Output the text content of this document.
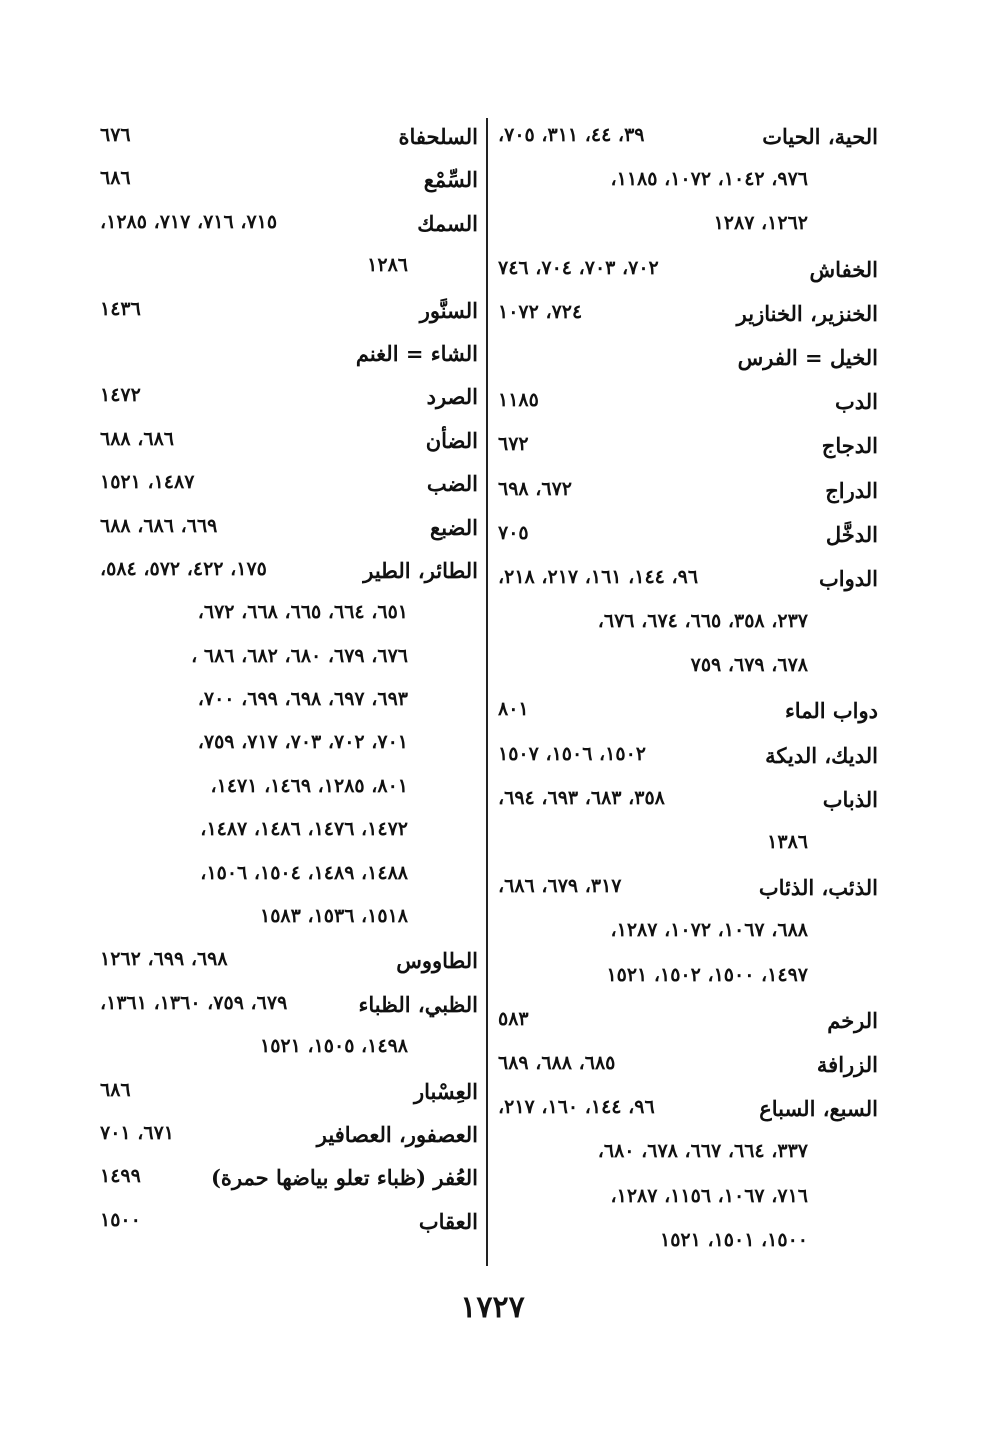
الحية، الحيات
٣٩، ٤٤، ٣١١، ٧٠٥،
٩٧٦، ١٠٤٢، ١٠٧٢، ١١٨٥،
١٢٦٢، ١٢٨٧
الخفاش
٧٠٢، ٧٠٣، ٧٠٤، ٧٤٦
الخنزير، الخنازير
٧٢٤، ١٠٧٢
الخيل = الفرس
الدب
١١٨٥
الدجاج
٦٧٢
الدراج
٦٧٢، ٦٩٨
الدخَّل
٧٠٥
الدواب
٩٦، ١٤٤، ١٦١، ٢١٧، ٢١٨،
٢٣٧، ٣٥٨، ٦٦٥، ٦٧٤، ٦٧٦،
٦٧٨، ٦٧٩، ٧٥٩
دواب الماء
٨٠١
الديك، الديكة
١٥٠٢، ١٥٠٦، ١٥٠٧
الذباب
٣٥٨، ٦٨٣، ٦٩٣، ٦٩٤،
١٣٨٦
الذئب، الذئاب
٣١٧، ٦٧٩، ٦٨٦،
٦٨٨، ١٠٦٧، ١٠٧٢، ١٢٨٧،
١٤٩٧، ١٥٠٠، ١٥٠٢، ١٥٢١
الرخم
٥٨٣
الزرافة
٦٨٥، ٦٨٨، ٦٨٩
السبع، السباع
٩٦، ١٤٤، ١٦٠، ٢١٧،
٣٣٧، ٦٦٤، ٦٦٧، ٦٧٨، ٦٨٠،
٧١٦، ١٠٦٧، ١١٥٦، ١٢٨٧،
١٥٠٠، ١٥٠١، ١٥٢١
السلحفاة
٦٧٦
السِّمْع
٦٨٦
السمك
٧١٥، ٧١٦، ٧١٧، ١٢٨٥،
١٢٨٦
السنَّور
١٤٣٦
الشاء = الغنم
الصرد
١٤٧٢
الضأن
٦٨٦، ٦٨٨
الضب
١٤٨٧، ١٥٢١
الضبع
٦٦٩، ٦٨٦، ٦٨٨
الطائر، الطير
١٧٥، ٤٢٢، ٥٧٢، ٥٨٤،
٦٥١، ٦٦٤، ٦٦٥، ٦٦٨، ٦٧٢،
٦٧٦، ٦٧٩، ٦٨٠، ٦٨٢، ٦٨٦ ،
٦٩٣، ٦٩٧، ٦٩٨، ٦٩٩، ٧٠٠،
٧٠١، ٧٠٢، ٧٠٣، ٧١٧، ٧٥٩،
٨٠١، ١٢٨٥، ١٤٦٩، ١٤٧١،
١٤٧٢، ١٤٧٦، ١٤٨٦، ١٤٨٧،
١٤٨٨، ١٤٨٩، ١٥٠٤، ١٥٠٦،
١٥١٨، ١٥٣٦، ١٥٨٣
الطاووس
٦٩٨، ٦٩٩، ١٢٦٢
الظبي، الظباء
٦٧٩، ٧٥٩، ١٣٦٠، ١٣٦١،
١٤٩٨، ١٥٠٥، ١٥٢١
العِسْبار
٦٨٦
العصفور، العصافير
٦٧١، ٧٠١
العُفر (ظباء تعلو بياضها حمرة)
١٤٩٩
العقاب
١٥٠٠
١٧٢٧
